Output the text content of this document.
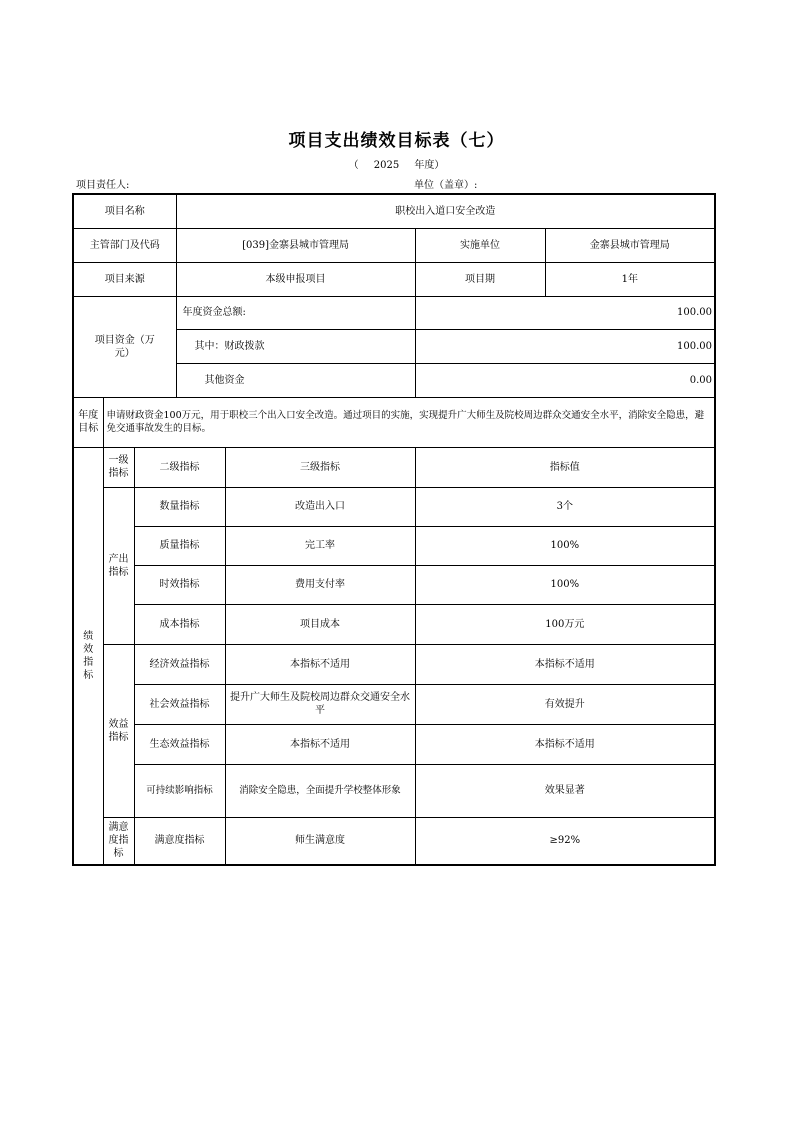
项目支出绩效目标表（七）
（ 2025 年度）
项目责任人:	单位（盖章）:
项目名称			职校出入道口安全改造			
主管部门及代码			[039]金寨县城市管理局		实施单位	金寨县城市管理局
项目来源			本级申报项目		项目期	1年
项目资金（万元）			年度资金总额:		100.00	
			其中：财政拨款		100.00	
			其他资金		0.00	
年度目标	申请财政资金100万元，用于职校三个出入口安全改造。通过项目的实施，实现提升广大师生及院校周边群众交通安全水平，消除安全隐患，避免交通事故发生的目标。					
绩效指标	一级指标	二级指标		三级指标	指标值	
	产出指标	数量指标		改造出入口	3个	
		质量指标		完工率	100%	
		时效指标		费用支付率	100%	
		成本指标		项目成本	100万元	
	效益指标	经济效益指标		本指标不适用	本指标不适用	
		社会效益指标		提升广大师生及院校周边群众交通安全水平	有效提升	
		生态效益指标		本指标不适用	本指标不适用	
		可持续影响指标		消除安全隐患，全面提升学校整体形象	效果显著	
	满意度指标	满意度指标		师生满意度	≥92%	
